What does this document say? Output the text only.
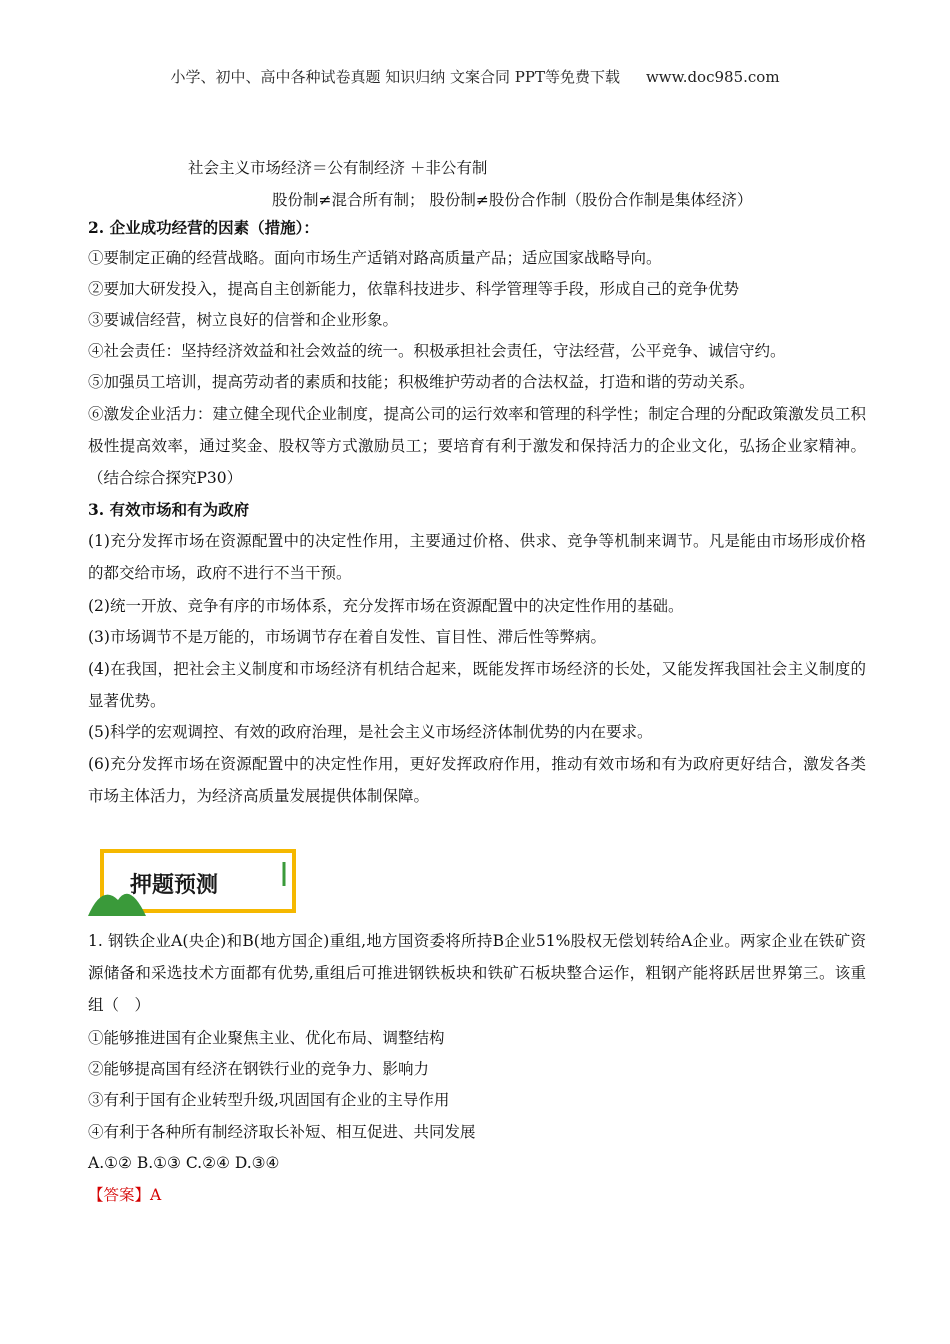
小学、初中、高中各种试卷真题 知识归纳 文案合同 PPT等免费下载 www.doc985.com
社会主义市场经济＝公有制经济 ＋非公有制
股份制≠混合所有制； 股份制≠股份合作制（股份合作制是集体经济）
2. 企业成功经营的因素（措施）：
①要制定正确的经营战略。面向市场生产适销对路高质量产品；适应国家战略导向。
②要加大研发投入，提高自主创新能力，依靠科技进步、科学管理等手段，形成自己的竞争优势
③要诚信经营，树立良好的信誉和企业形象。
④社会责任：坚持经济效益和社会效益的统一。积极承担社会责任，守法经营，公平竞争、诚信守约。
⑤加强员工培训，提高劳动者的素质和技能；积极维护劳动者的合法权益，打造和谐的劳动关系。
⑥激发企业活力：建立健全现代企业制度，提高公司的运行效率和管理的科学性；制定合理的分配政策激发员工积极性提高效率，通过奖金、股权等方式激励员工；要培育有利于激发和保持活力的企业文化，弘扬企业家精神。（结合综合探究P30）
3. 有效市场和有为政府
(1)充分发挥市场在资源配置中的决定性作用，主要通过价格、供求、竞争等机制来调节。凡是能由市场形成价格的都交给市场，政府不进行不当干预。
(2)统一开放、竞争有序的市场体系，充分发挥市场在资源配置中的决定性作用的基础。
(3)市场调节不是万能的，市场调节存在着自发性、盲目性、滞后性等弊病。
(4)在我国，把社会主义制度和市场经济有机结合起来，既能发挥市场经济的长处，又能发挥我国社会主义制度的显著优势。
(5)科学的宏观调控、有效的政府治理，是社会主义市场经济体制优势的内在要求。
(6)充分发挥市场在资源配置中的决定性作用，更好发挥政府作用，推动有效市场和有为政府更好结合，激发各类市场主体活力，为经济高质量发展提供体制保障。
押题预测
1. 钢铁企业A(央企)和B(地方国企)重组,地方国资委将所持B企业51%股权无偿划转给A企业。两家企业在铁矿资源储备和采选技术方面都有优势,重组后可推进钢铁板块和铁矿石板块整合运作，粗钢产能将跃居世界第三。该重组（　）
①能够推进国有企业聚焦主业、优化布局、调整结构
②能够提高国有经济在钢铁行业的竞争力、影响力
③有利于国有企业转型升级,巩固国有企业的主导作用
④有利于各种所有制经济取长补短、相互促进、共同发展
A.①② B.①③ C.②④ D.③④
【答案】A
